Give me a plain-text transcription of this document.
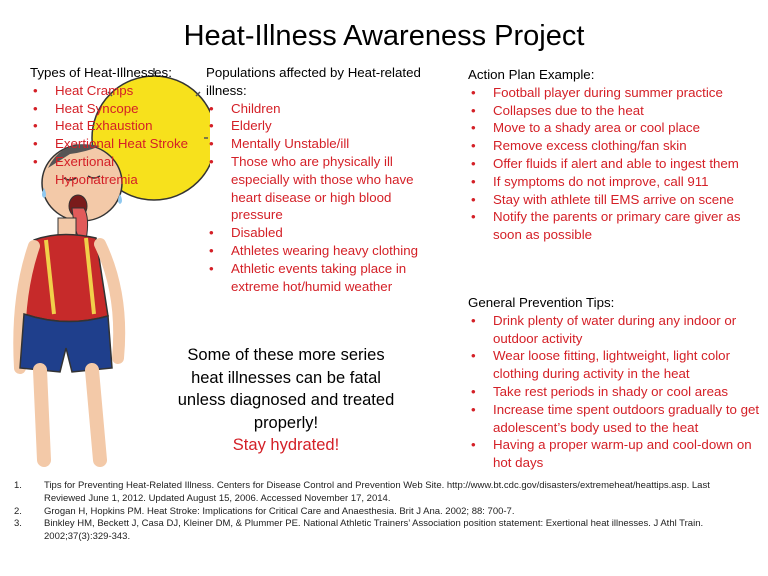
Heat-Illness Awareness Project
Types of Heat-Illnesses:
• Heat Cramps
• Heat Syncope
• Heat Exhaustion
• Exertional Heat Stroke
• Exertional Hyponatremia
Populations affected by Heat-related illness:
• Children
• Elderly
• Mentally Unstable/ill
• Those who are physically ill especially with those who have heart disease or high blood pressure
• Disabled
• Athletes wearing heavy clothing
• Athletic events taking place in extreme hot/humid weather
Action Plan Example:
• Football player during summer practice
• Collapses due to the heat
• Move to a shady area or cool place
• Remove excess clothing/fan skin
• Offer fluids if alert and able to ingest them
• If symptoms do not improve, call 911
• Stay with athlete till EMS arrive on scene
• Notify the parents or primary care giver as soon as possible
General Prevention Tips:
• Drink plenty of water during any indoor or outdoor activity
• Wear loose fitting, lightweight, light color clothing during activity in the heat
• Take rest periods in shady or cool areas
• Increase time spent outdoors gradually to get adolescent’s body used to the heat
• Having a proper warm-up and cool-down on hot days
Some of these more series heat illnesses can be fatal unless diagnosed and treated properly!
Stay hydrated!
1. Tips for Preventing Heat-Related Illness. Centers for Disease Control and Prevention Web Site. http://www.bt.cdc.gov/disasters/extremeheat/heattips.asp. Last Reviewed June 1, 2012. Updated August 15, 2006. Accessed November 17, 2014.
2. Grogan H, Hopkins PM. Heat Stroke: Implications for Critical Care and Anaesthesia. Brit J Ana. 2002; 88: 700-7.
3. Binkley HM, Beckett J, Casa DJ, Kleiner DM, & Plummer PE. National Athletic Trainers’ Association position statement: Exertional heat illnesses. J Athl Train. 2002;37(3):329-343.
